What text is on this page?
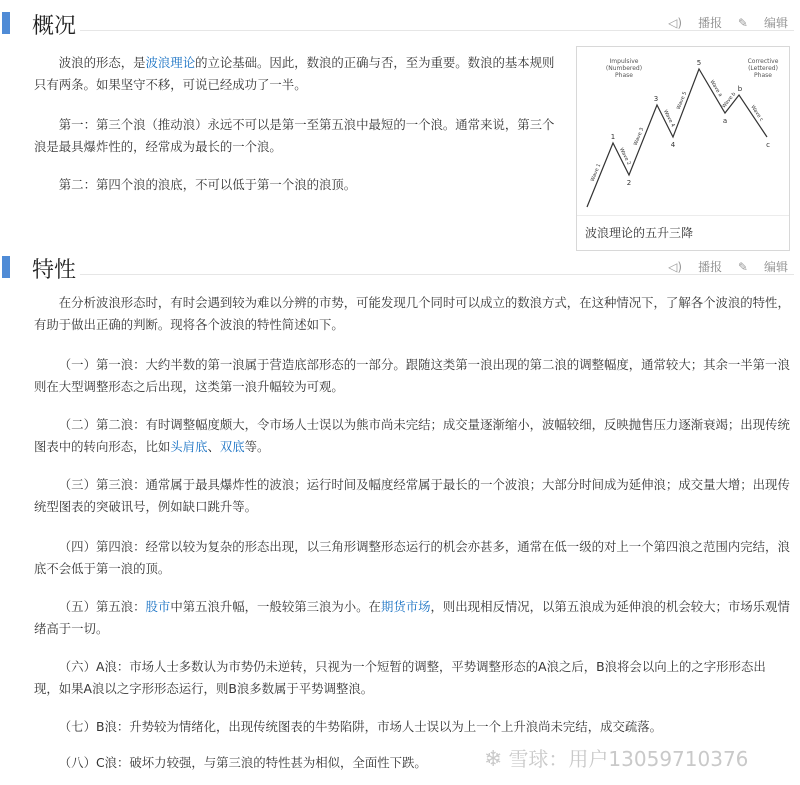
概况	◁) 播报 ✎ 编辑

波浪的形态，是波浪理论的立论基础。因此，数浪的正确与否，至为重要。数浪的基本规则只有两条。如果坚守不移，可说已经成功了一半。

第一：第三个浪（推动浪）永远不可以是第一至第五浪中最短的一个浪。通常来说，第三个浪是最具爆炸性的，经常成为最长的一个浪。

第二：第四个浪的浪底，不可以低于第一个浪的浪顶。

Impulsive
(Numbered)
Phase
Corrective
(Lettered)
Phase
1
2
3
4
5
a
b
c
Wave 1
Wave 2
Wave 3
Wave 4
Wave 5
Wave a
Wave b
Wave c
波浪理论的五升三降
特性	◁) 播报 ✎ 编辑

在分析波浪形态时，有时会遇到较为难以分辨的市势，可能发现几个同时可以成立的数浪方式，在这种情况下，了解各个波浪的特性，有助于做出正确的判断。现将各个波浪的特性简述如下。

（一）第一浪：大约半数的第一浪属于营造底部形态的一部分。跟随这类第一浪出现的第二浪的调整幅度，通常较大；其余一半第一浪则在大型调整形态之后出现，这类第一浪升幅较为可观。

（二）第二浪：有时调整幅度颇大，令市场人士误以为熊市尚未完结；成交量逐渐缩小，波幅较细，反映抛售压力逐渐衰竭；出现传统图表中的转向形态，比如头肩底、双底等。

（三）第三浪：通常属于最具爆炸性的波浪；运行时间及幅度经常属于最长的一个波浪；大部分时间成为延伸浪；成交量大增；出现传统型图表的突破讯号，例如缺口跳升等。

（四）第四浪：经常以较为复杂的形态出现，以三角形调整形态运行的机会亦甚多，通常在低一级的对上一个第四浪之范围内完结，浪底不会低于第一浪的顶。

（五）第五浪：股市中第五浪升幅，一般较第三浪为小。在期货市场，则出现相反情况，以第五浪成为延伸浪的机会较大；市场乐观情绪高于一切。

（六）A浪：市场人士多数认为市势仍未逆转，只视为一个短暂的调整，平势调整形态的A浪之后，B浪将会以向上的之字形形态出现，如果A浪以之字形形态运行，则B浪多数属于平势调整浪。

（七）B浪：升势较为情绪化，出现传统图表的牛势陷阱，市场人士误以为上一个上升浪尚未完结，成交疏落。

（八）C浪：破坏力较强，与第三浪的特性甚为相似，全面性下跌。	❄ 雪球：用户13059710376
